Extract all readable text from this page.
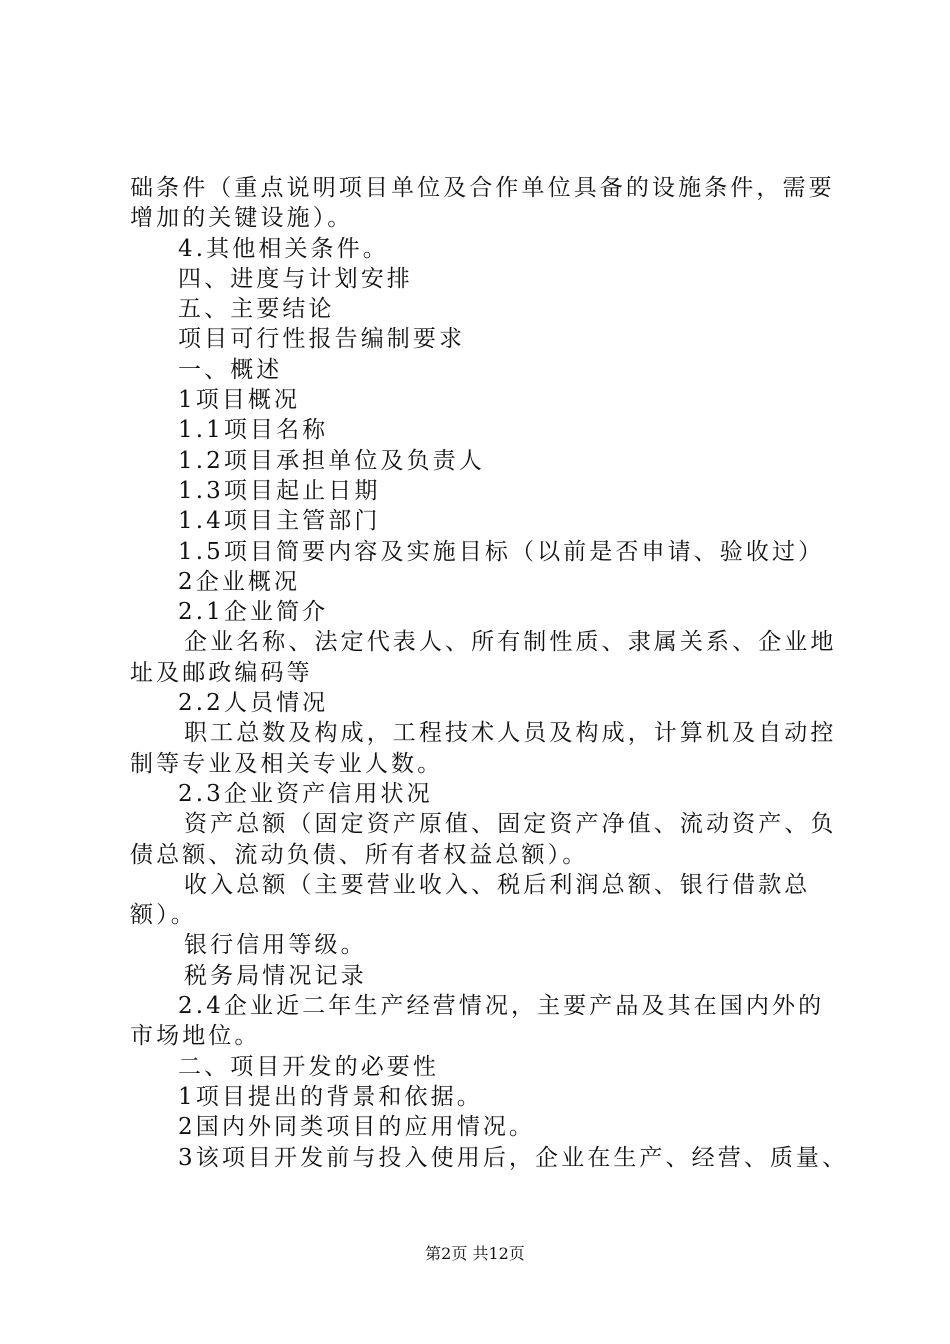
础条件（重点说明项目单位及合作单位具备的设施条件，需要
增加的关键设施）。
4.其他相关条件。
四、进度与计划安排
五、主要结论
项目可行性报告编制要求
一、概述
1项目概况
1.1项目名称
1.2项目承担单位及负责人
1.3项目起止日期
1.4项目主管部门
1.5项目简要内容及实施目标（以前是否申请、验收过）
2企业概况
2.1企业简介
企业名称、法定代表人、所有制性质、隶属关系、企业地
址及邮政编码等
2.2人员情况
职工总数及构成，工程技术人员及构成，计算机及自动控
制等专业及相关专业人数。
2.3企业资产信用状况
资产总额（固定资产原值、固定资产净值、流动资产、负
债总额、流动负债、所有者权益总额）。
收入总额（主要营业收入、税后利润总额、银行借款总
额）。
银行信用等级。
税务局情况记录
2.4企业近二年生产经营情况，主要产品及其在国内外的
市场地位。
二、项目开发的必要性
1项目提出的背景和依据。
2国内外同类项目的应用情况。
3该项目开发前与投入使用后，企业在生产、经营、质量、
第2页 共12页
